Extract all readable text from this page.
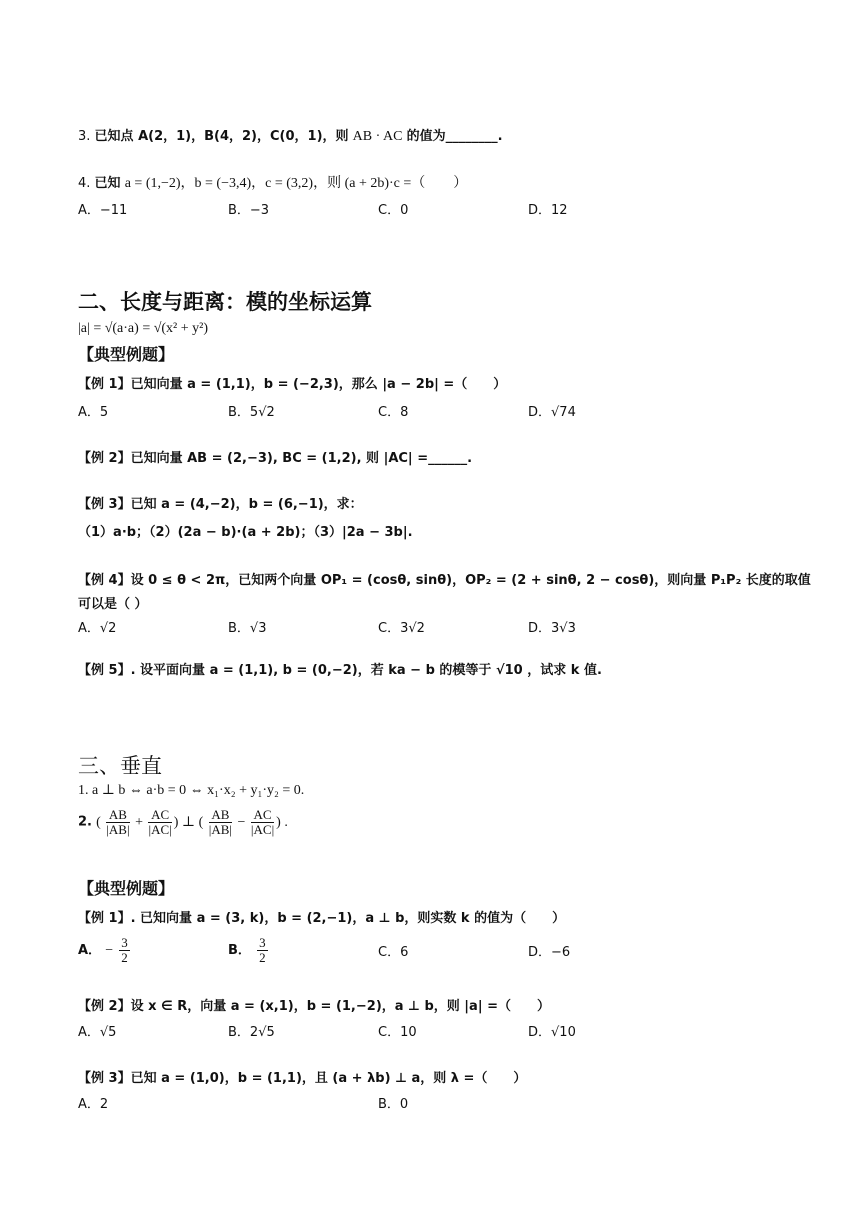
3. 已知点 A(2，1)，B(4，2)，C(0，1)，则 AB · AC 的值为________.
4. 已知 a = (1,−2)，b = (−3,4)，c = (3,2)，则 (a + 2b)·c =（　　）
A．−11	B．−3	C．0	D．12
二、长度与距离：模的坐标运算
|a| = √(a·a) = √(x² + y²)
【典型例题】
【例 1】已知向量 a = (1,1)，b = (−2,3)，那么 |a − 2b| =（　　）
A．5	B．5√2	C．8	D．√74
【例 2】已知向量 AB = (2,−3), BC = (1,2), 则 |AC| =______.
【例 3】已知 a = (4,−2)，b = (6,−1)，求：
（1）a·b；（2）(2a − b)·(a + 2b)；（3）|2a − 3b|.
【例 4】设 0 ≤ θ < 2π，已知两个向量 OP₁ = (cosθ, sinθ)，OP₂ = (2 + sinθ, 2 − cosθ)，则向量 P₁P₂ 长度的取值
可以是（ ）
A．√2	B．√3	C．3√2	D．3√3
【例 5】. 设平面向量 a = (1,1), b = (0,−2)，若 ka − b 的模等于 √10 ，试求 k 值.
三、垂直
1. a ⊥ b ⇔ a·b = 0 ⇔ x₁·x₂ + y₁·y₂ = 0.
2. ( $\frac{AB}{|AB|} + \frac{AC}{|AC|}$ ) ⊥ ( $\frac{AB}{|AB|} - \frac{AC}{|AC|}$ ) .
【典型例题】
【例 1】. 已知向量 a = (3, k)，b = (2,−1)，a ⊥ b，则实数 k 的值为（　　）
A． − $\frac{3}{2}$	B． $\frac{3}{2}$	C．6	D．−6
【例 2】设 x ∈ R，向量 a = (x,1)，b = (1,−2)，a ⊥ b，则 |a| =（　　）
A．√5	B．2√5	C．10	D．√10
【例 3】已知 a = (1,0)，b = (1,1)，且 (a + λb) ⊥ a，则 λ =（　　）
A．2	B．0
